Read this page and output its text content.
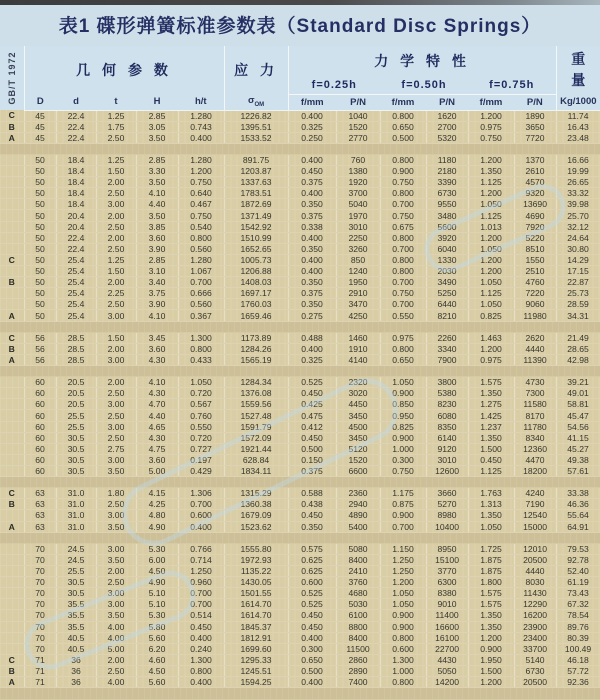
表1 碟形弹簧标准参数表（Standard Disc Springs）
GB/T 1972	几 何 参 数					应 力	力 学 特 性						重
量

							f=0.25h		f=0.50h		f=0.75h		
	D	d	t	H	h/t	$\sigma_{OM}$	f/mm	P/N	f/mm	P/N	f/mm	P/N	Kg/1000
C	45	22.4	1.25	2.85	1.280	1226.82	0.400	1040	0.800	1620	1.200	1890	11.74
B	45	22.4	1.75	3.05	0.743	1395.51	0.325	1520	0.650	2700	0.975	3650	16.43
A	45	22.4	2.50	3.50	0.400	1533.52	0.250	2770	0.500	5320	0.750	7720	23.48

	50	18.4	1.25	2.85	1.280	891.75	0.400	760	0.800	1180	1.200	1370	16.66
	50	18.4	1.50	3.30	1.200	1203.87	0.450	1380	0.900	2180	1.350	2610	19.99
	50	18.4	2.00	3.50	0.750	1337.63	0.375	1920	0.750	3390	1.125	4570	26.65
	50	18.4	2.50	4.10	0.640	1783.51	0.400	3700	0.800	6730	1.200	9320	33.32
	50	18.4	3.00	4.40	0.467	1872.69	0.350	5040	0.700	9550	1.050	13690	39.98
	50	20.4	2.00	3.50	0.750	1371.49	0.375	1970	0.750	3480	1.125	4690	25.70
	50	20.4	2.50	3.85	0.540	1542.92	0.338	3010	0.675	5600	1.013	7920	32.12
	50	22.4	2.00	3.60	0.800	1510.99	0.400	2250	0.800	3920	1.200	5220	24.64
	50	22.4	2.50	3.90	0.560	1652.65	0.350	3260	0.700	6040	1.050	8510	30.80
C	50	25.4	1.25	2.85	1.280	1005.73	0.400	850	0.800	1330	1.200	1550	14.29
	50	25.4	1.50	3.10	1.067	1206.88	0.400	1240	0.800	2030	1.200	2510	17.15
B	50	25.4	2.00	3.40	0.700	1408.03	0.350	1950	0.700	3490	1.050	4760	22.87
	50	25.4	2.25	3.75	0.666	1697.17	0.375	2910	0.750	5250	1.125	7220	25.73
	50	25.4	2.50	3.90	0.560	1760.03	0.350	3470	0.700	6440	1.050	9060	28.59
A	50	25.4	3.00	4.10	0.367	1659.46	0.275	4250	0.550	8210	0.825	11980	34.31

C	56	28.5	1.50	3.45	1.300	1173.89	0.488	1460	0.975	2260	1.463	2620	21.49
B	56	28.5	2.00	3.60	0.800	1284.26	0.400	1910	0.800	3340	1.200	4440	28.65
A	56	28.5	3.00	4.30	0.433	1565.19	0.325	4140	0.650	7900	0.975	11390	42.98

	60	20.5	2.00	4.10	1.050	1284.34	0.525	2320	1.050	3800	1.575	4730	39.21
	60	20.5	2.50	4.30	0.720	1376.08	0.450	3020	0.900	5380	1.350	7300	49.01
	60	20.5	3.00	4.70	0.567	1559.56	0.425	4450	0.850	8230	1.275	11580	58.81
	60	25.5	2.50	4.40	0.760	1527.48	0.475	3450	0.950	6080	1.425	8170	45.47
	60	25.5	3.00	4.65	0.550	1591.79	0.412	4500	0.825	8350	1.237	11780	54.56
	60	30.5	2.50	4.30	0.720	1572.09	0.450	3450	0.900	6140	1.350	8340	41.15
	60	30.5	2.75	4.75	0.727	1921.44	0.500	5120	1.000	9120	1.500	12360	45.27
	60	30.5	3.00	3.60	0.197	628.84	0.150	1520	0.300	3010	0.450	4470	49.38
	60	30.5	3.50	5.00	0.429	1834.11	0.375	6600	0.750	12600	1.125	18200	57.61

C	63	31.0	1.80	4.15	1.306	1315.29	0.588	2360	1.175	3660	1.763	4240	33.38
B	63	31.0	2.50	4.25	0.700	1360.38	0.438	2940	0.875	5270	1.313	7190	46.36
	63	31.0	3.00	4.80	0.600	1679.09	0.450	4890	0.900	8980	1.350	12540	55.64
A	63	31.0	3.50	4.90	0.400	1523.62	0.350	5400	0.700	10400	1.050	15000	64.91

	70	24.5	3.00	5.30	0.766	1555.80	0.575	5080	1.150	8950	1.725	12010	79.53
	70	24.5	3.50	6.00	0.714	1972.93	0.625	8400	1.250	15100	1.875	20500	92.78
	70	25.5	2.00	4.50	1.250	1135.22	0.625	2410	1.250	3770	1.875	4440	52.40
	70	30.5	2.50	4.90	0.960	1430.05	0.600	3760	1.200	6300	1.800	8030	61.19
	70	30.5	3.00	5.10	0.700	1501.55	0.525	4680	1.050	8380	1.575	11430	73.43
	70	35.5	3.00	5.10	0.700	1614.70	0.525	5030	1.050	9010	1.575	12290	67.32
	70	35.5	3.50	5.30	0.514	1614.70	0.450	6100	0.900	11400	1.350	16200	78.54
	70	35.5	4.00	5.80	0.450	1845.37	0.450	8800	0.900	16600	1.350	23900	89.76
	70	40.5	4.00	5.60	0.400	1812.91	0.400	8400	0.800	16100	1.200	23400	80.39
	70	40.5	5.00	6.20	0.240	1699.60	0.300	11500	0.600	22700	0.900	33700	100.49
C	71	36	2.00	4.60	1.300	1295.33	0.650	2860	1.300	4430	1.950	5140	46.18
B	71	36	2.50	4.50	0.800	1245.51	0.500	2890	1.000	5050	1.500	6730	57.72
A	71	36	4.00	5.60	0.400	1594.25	0.400	7400	0.800	14200	1.200	20500	92.36
